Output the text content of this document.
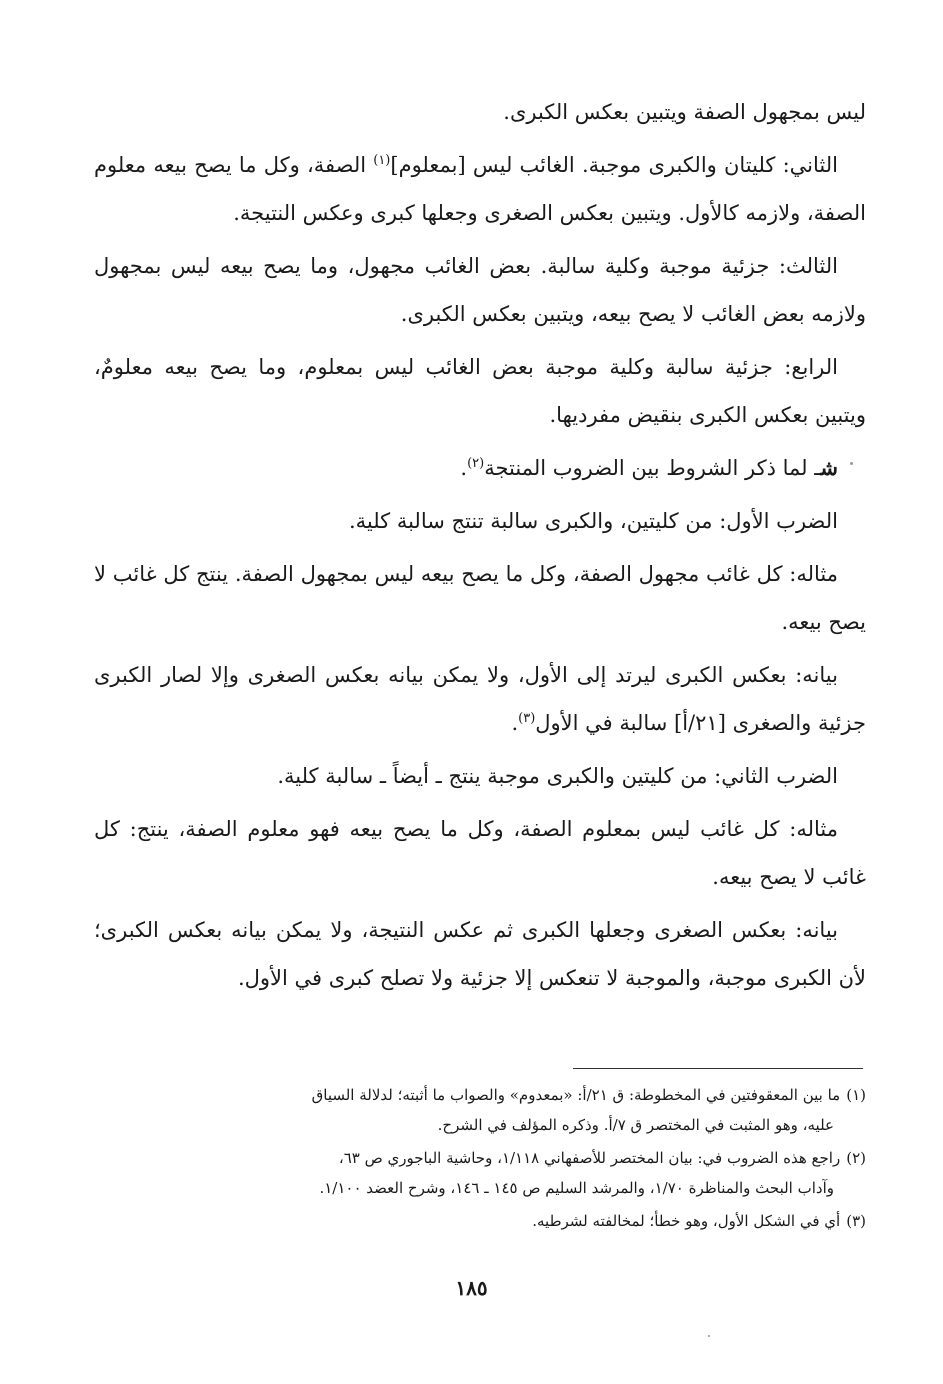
ليس بمجهول الصفة ويتبين بعكس الكبرى.

الثاني: كليتان والكبرى موجبة. الغائب ليس [بمعلوم]$^{(١)}$ الصفة، وكل ما يصح بيعه معلوم الصفة، ولازمه كالأول. ويتبين بعكس الصغرى وجعلها كبرى وعكس النتيجة.

الثالث: جزئية موجبة وكلية سالبة. بعض الغائب مجهول، وما يصح بيعه ليس بمجهول ولازمه بعض الغائب لا يصح بيعه، ويتبين بعكس الكبرى.

الرابع: جزئية سالبة وكلية موجبة بعض الغائب ليس بمعلوم، وما يصح بيعه معلومٌ، ويتبين بعكس الكبرى بنقيض مفرديها.

شـ لما ذكر الشروط بين الضروب المنتجة$^{(٢)}$.

الضرب الأول: من كليتين، والكبرى سالبة تنتج سالبة كلية.

مثاله: كل غائب مجهول الصفة، وكل ما يصح بيعه ليس بمجهول الصفة. ينتج كل غائب لا يصح بيعه.

بيانه: بعكس الكبرى ليرتد إلى الأول، ولا يمكن بيانه بعكس الصغرى وإلا لصار الكبرى جزئية والصغرى [٢١/أ] سالبة في الأول$^{(٣)}$.

الضرب الثاني: من كليتين والكبرى موجبة ينتج ـ أيضاً ـ سالبة كلية.

مثاله: كل غائب ليس بمعلوم الصفة، وكل ما يصح بيعه فهو معلوم الصفة، ينتج: كل غائب لا يصح بيعه.

بيانه: بعكس الصغرى وجعلها الكبرى ثم عكس النتيجة، ولا يمكن بيانه بعكس الكبرى؛ لأن الكبرى موجبة، والموجبة لا تنعكس إلا جزئية ولا تصلح كبرى في الأول.

(١)ما بين المعقوفتين في المخطوطة: ق ٢١/أ: «بمعدوم» والصواب ما أثبته؛ لدلالة السياق
عليه، وهو المثبت في المختصر ق ٧/أ. وذكره المؤلف في الشرح.

(٢)راجع هذه الضروب في: بيان المختصر للأصفهاني ١/١١٨، وحاشية الباجوري ص ٦٣،
وآداب البحث والمناظرة ١/٧٠، والمرشد السليم ص ١٤٥ ـ ١٤٦، وشرح العضد ١/١٠٠.

(٣)أي في الشكل الأول، وهو خطأ؛ لمخالفته لشرطيه.

١٨٥
